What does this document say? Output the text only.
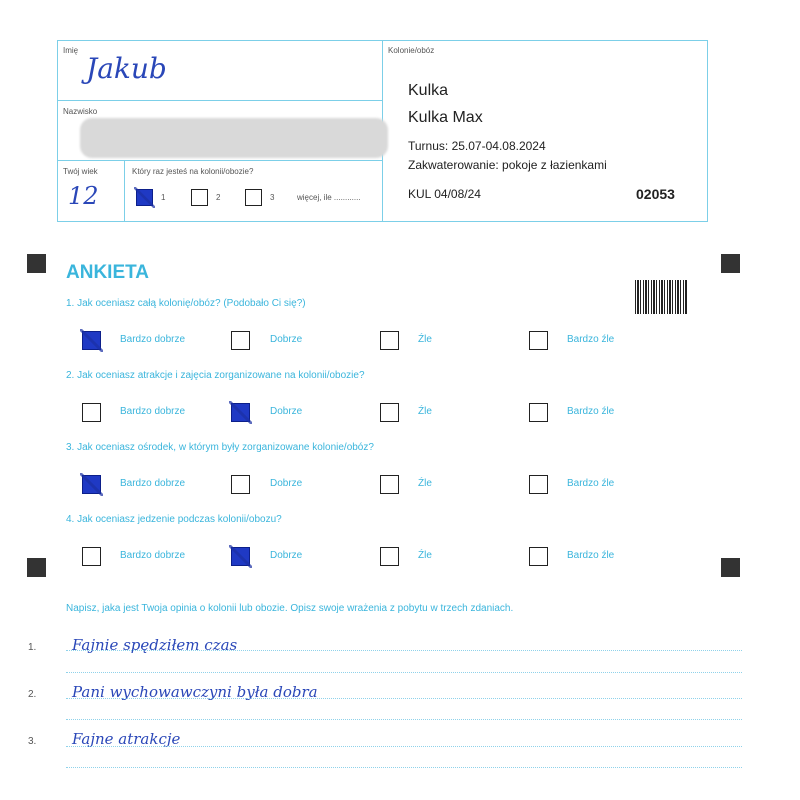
Imię
Jakub
Nazwisko
Twój wiek
12
Który raz jesteś na kolonii/obozie?
1	2	3	więcej, ile ............
Kolonie/obóz
Kulka
Kulka Max
Turnus: 25.07-04.08.2024
Zakwaterowanie: pokoje z łazienkami
KUL 04/08/24	02053
ANKIETA
1. Jak oceniasz całą kolonię/obóz? (Podobało Ci się?)
2. Jak oceniasz atrakcje i zajęcia zorganizowane na kolonii/obozie?
3. Jak oceniasz ośrodek, w którym były zorganizowane kolonie/obóz?
4. Jak oceniasz jedzenie podczas kolonii/obozu?
Bardzo dobrze	Dobrze	Źle	Bardzo źle
Bardzo dobrze	Dobrze	Źle	Bardzo źle
Bardzo dobrze	Dobrze	Źle	Bardzo źle
Bardzo dobrze	Dobrze	Źle	Bardzo źle
Napisz, jaka jest Twoja opinia o kolonii lub obozie. Opisz swoje wrażenia z pobytu w trzech zdaniach.
1. Fajnie spędziłem czas
2. Pani wychowawczyni była dobra
3. Fajne atrakcje
